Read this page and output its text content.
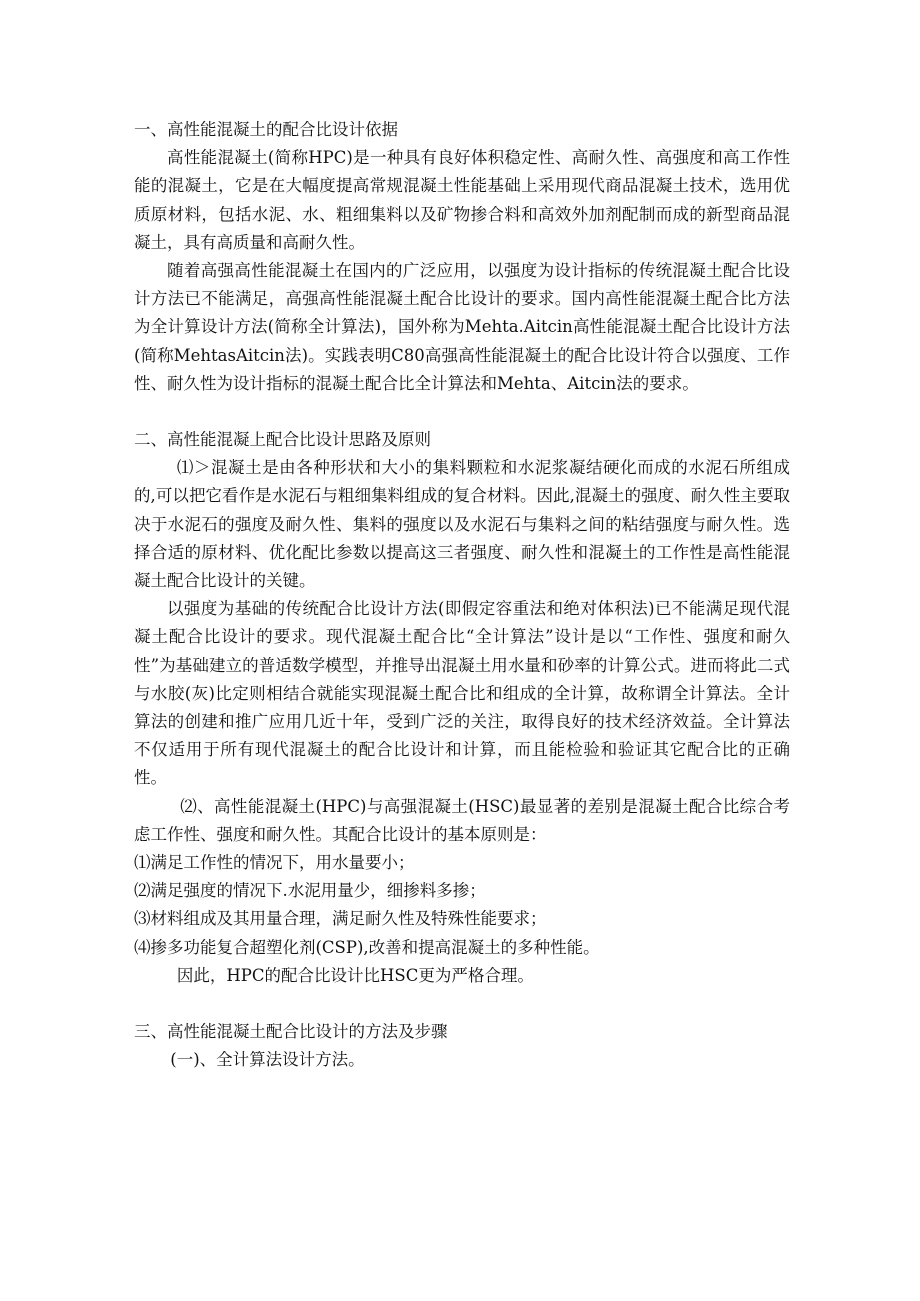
一、高性能混凝土的配合比设计依据

高性能混凝土(简称HPC)是一种具有良好体积稳定性、高耐久性、高强度和高工作性能的混凝土，它是在大幅度提高常规混凝土性能基础上采用现代商品混凝土技术，选用优质原材料，包括水泥、水、粗细集料以及矿物掺合料和高效外加剂配制而成的新型商品混凝土，具有高质量和高耐久性。

随着高强高性能混凝土在国内的广泛应用，以强度为设计指标的传统混凝土配合比设计方法已不能满足，高强高性能混凝土配合比设计的要求。国内高性能混凝土配合比方法为全计算设计方法(简称全计算法)，国外称为Mehta.Aitcin高性能混凝土配合比设计方法(简称MehtasAitcin法)。实践表明C80高强高性能混凝土的配合比设计符合以强度、工作性、耐久性为设计指标的混凝土配合比全计算法和Mehta、Aitcin法的要求。

二、高性能混凝上配合比设计思路及原则

⑴＞混凝土是由各种形状和大小的集料颗粒和水泥浆凝结硬化而成的水泥石所组成的,可以把它看作是水泥石与粗细集料组成的复合材料。因此,混凝土的强度、耐久性主要取决于水泥石的强度及耐久性、集料的强度以及水泥石与集料之间的粘结强度与耐久性。选择合适的原材料、优化配比参数以提高这三者强度、耐久性和混凝土的工作性是高性能混凝土配合比设计的关键。

以强度为基础的传统配合比设计方法(即假定容重法和绝对体积法)已不能满足现代混凝土配合比设计的要求。现代混凝土配合比“全计算法”设计是以“工作性、强度和耐久性”为基础建立的普适数学模型，并推导出混凝土用水量和砂率的计算公式。进而将此二式与水胶(灰)比定则相结合就能实现混凝土配合比和组成的全计算，故称谓全计算法。全计算法的创建和推广应用几近十年，受到广泛的关注，取得良好的技术经济效益。全计算法不仅适用于所有现代混凝土的配合比设计和计算，而且能检验和验证其它配合比的正确性。

⑵、高性能混凝土(HPC)与高强混凝土(HSC)最显著的差别是混凝土配合比综合考虑工作性、强度和耐久性。其配合比设计的基本原则是：

⑴满足工作性的情况下，用水量要小；

⑵满足强度的情况下.水泥用量少，细掺料多掺；

⑶材料组成及其用量合理，满足耐久性及特殊性能要求；

⑷掺多功能复合超塑化剂(CSP),改善和提高混凝土的多种性能。

因此，HPC的配合比设计比HSC更为严格合理。

三、高性能混凝土配合比设计的方法及步骤

(一)、全计算法设计方法。
